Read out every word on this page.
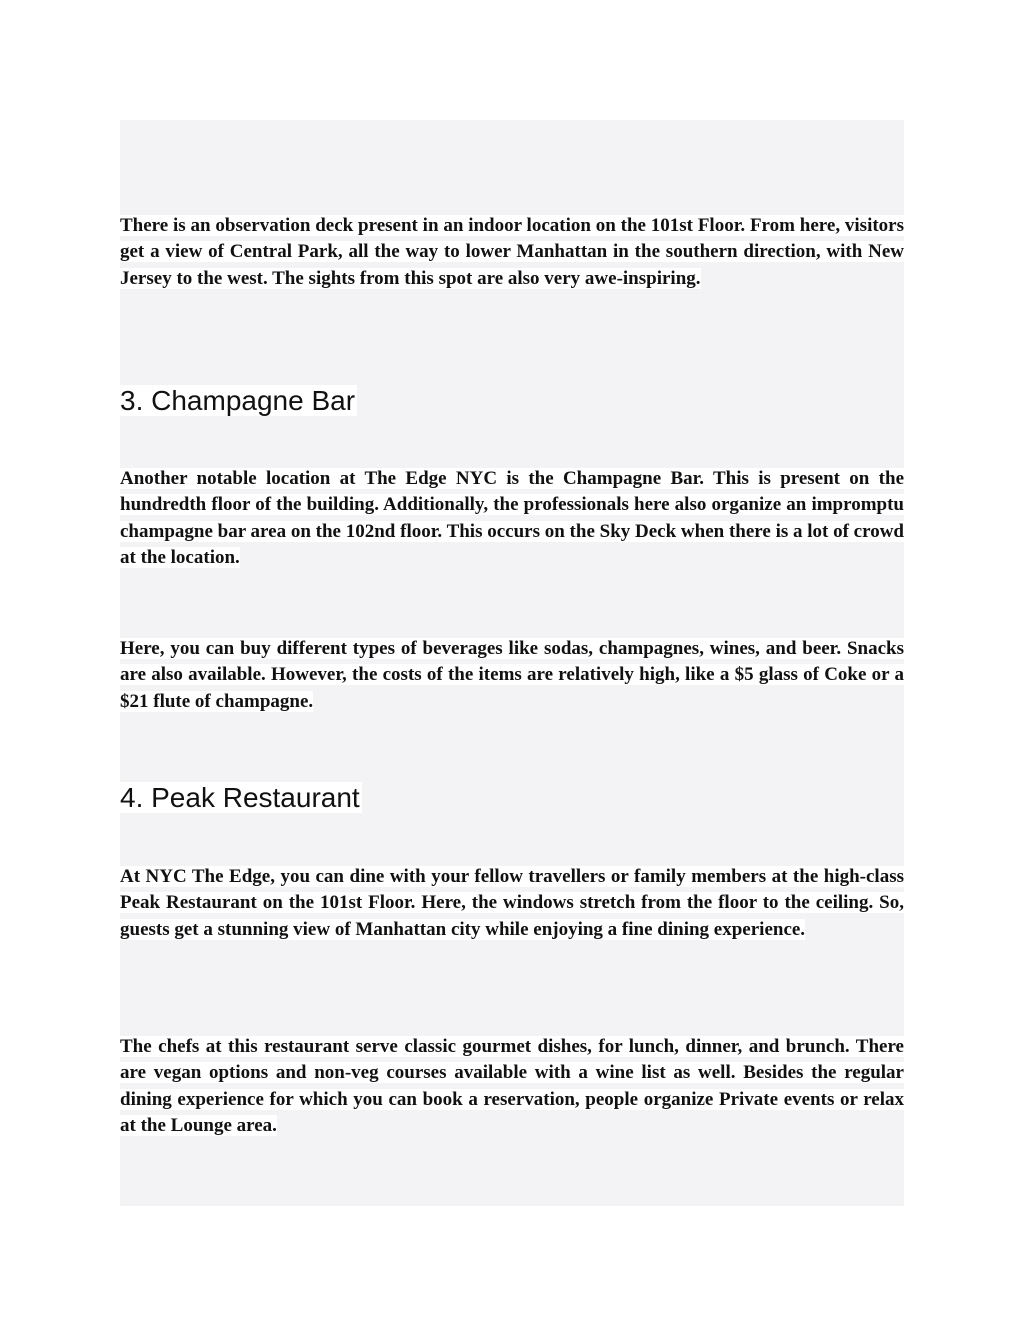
There is an observation deck present in an indoor location on the 101st Floor. From here, visitors get a view of Central Park, all the way to lower Manhattan in the southern direction, with New Jersey to the west. The sights from this spot are also very awe-inspiring.

3. Champagne Bar

Another notable location at The Edge NYC is the Champagne Bar. This is present on the hundredth floor of the building. Additionally, the professionals here also organize an impromptu champagne bar area on the 102nd floor. This occurs on the Sky Deck when there is a lot of crowd at the location.

Here, you can buy different types of beverages like sodas, champagnes, wines, and beer. Snacks are also available. However, the costs of the items are relatively high, like a $5 glass of Coke or a $21 flute of champagne.

4. Peak Restaurant

At NYC The Edge, you can dine with your fellow travellers or family members at the high-class Peak Restaurant on the 101st Floor. Here, the windows stretch from the floor to the ceiling. So, guests get a stunning view of Manhattan city while enjoying a fine dining experience.

The chefs at this restaurant serve classic gourmet dishes, for lunch, dinner, and brunch. There are vegan options and non-veg courses available with a wine list as well. Besides the regular dining experience for which you can book a reservation, people organize Private events or relax at the Lounge area.
